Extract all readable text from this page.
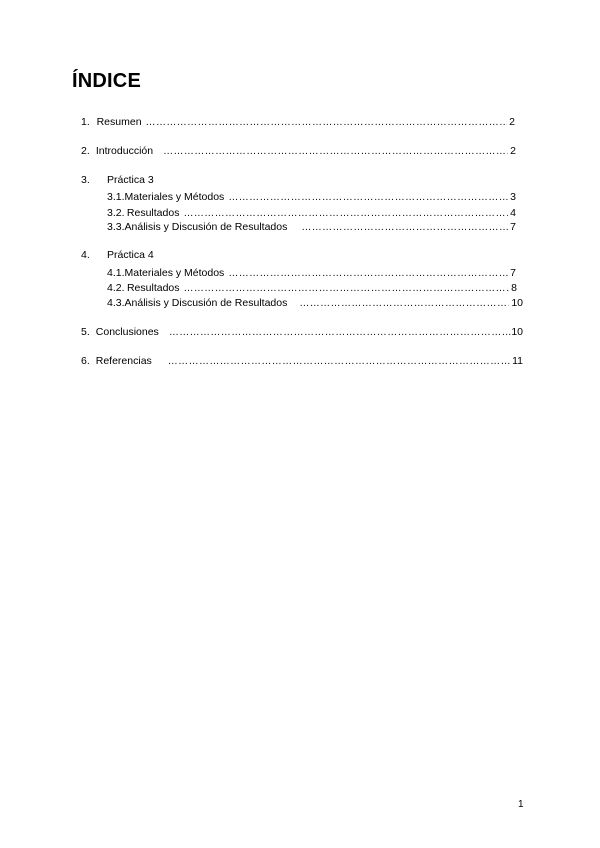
ÍNDICE
1. Resumen …………………………………………………………………………………………………………………………………………………………	2
2. Introducción …………………………………………………………………………………………………………………………………………………………	2
3. Práctica 3
3.1. Materiales y Métodos …………………………………………………………………………………………………………………………………………………………	3
3.2. Resultados …………………………………………………………………………………………………………………………………………………………	4
3.3. Análisis y Discusión de Resultados …………………………………………………………………………………………………………………………………………………………	7
4. Práctica 4
4.1. Materiales y Métodos …………………………………………………………………………………………………………………………………………………………	7
4.2. Resultados …………………………………………………………………………………………………………………………………………………………	8
4.3. Análisis y Discusión de Resultados …………………………………………………………………………………………………………………………………………………………	10
5. Conclusiones …………………………………………………………………………………………………………………………………………………………	10
6. Referencias …………………………………………………………………………………………………………………………………………………………	11
1
